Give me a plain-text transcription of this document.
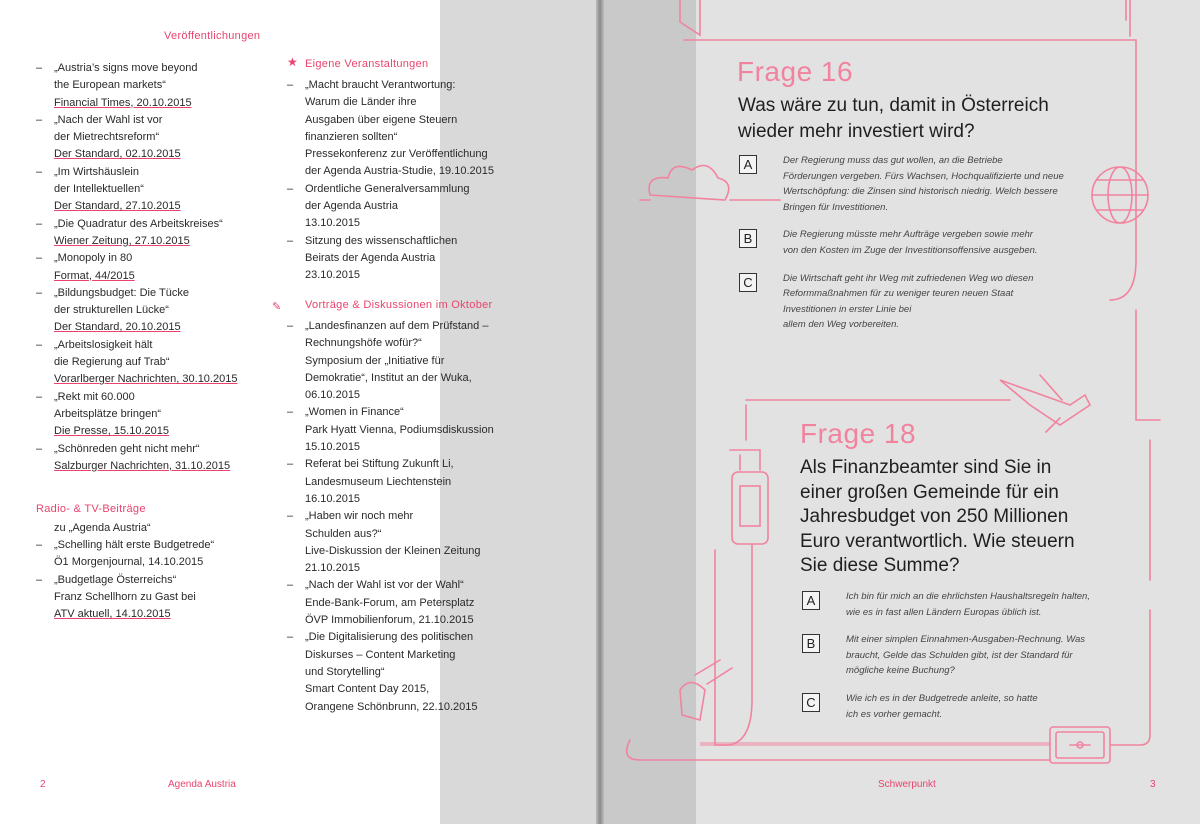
Veröffentlichungen
– „Austria’s signs move beyond
the European markets“
Financial Times, 20.10.2015
– „Nach der Wahl ist vor
der Mietrechtsreform“
Der Standard, 02.10.2015
– „Im Wirtshäuslein
der Intellektuellen“
Der Standard, 27.10.2015
– „Die Quadratur des Arbeitskreises“
Wiener Zeitung, 27.10.2015
– „Monopoly in 80
Format, 44/2015
– „Bildungsbudget: Die Tücke
der strukturellen Lücke“
Der Standard, 20.10.2015
– „Arbeitslosigkeit hält
die Regierung auf Trab“
Vorarlberger Nachrichten, 30.10.2015
– „Rekt mit 60.000
Arbeitsplätze bringen“
Die Presse, 15.10.2015
– „Schönreden geht nicht mehr“
Salzburger Nachrichten, 31.10.2015
Radio- & TV-Beiträge
zu „Agenda Austria“
– „Schelling hält erste Budgetrede“
Ö1 Morgenjournal, 14.10.2015
– „Budgetlage Österreichs“
Franz Schellhorn zu Gast bei
ATV aktuell, 14.10.2015
2	Agenda Austria
★ Eigene Veranstaltungen
– „Macht braucht Verantwortung:
Warum die Länder ihre
Ausgaben über eigene Steuern
finanzieren sollten“
Pressekonferenz zur Veröffentlichung
der Agenda Austria-Studie, 19.10.2015
– Ordentliche Generalversammlung
der Agenda Austria
13.10.2015
– Sitzung des wissenschaftlichen
Beirats der Agenda Austria
23.10.2015
✎ Vorträge & Diskussionen im Oktober
– „Landesfinanzen auf dem Prüfstand –
Rechnungshöfe wofür?“
Symposium der „Initiative für
Demokratie“, Institut an der Wuka,
06.10.2015
– „Women in Finance“
Park Hyatt Vienna, Podiumsdiskussion
15.10.2015
– Referat bei Stiftung Zukunft Li,
Landesmuseum Liechtenstein
16.10.2015
– „Haben wir noch mehr
Schulden aus?“
Live-Diskussion der Kleinen Zeitung
21.10.2015
– „Nach der Wahl ist vor der Wahl“
Ende-Bank-Forum, am Petersplatz
ÖVP Immobilienforum, 21.10.2015
– „Die Digitalisierung des politischen
Diskurses – Content Marketing
und Storytelling“
Smart Content Day 2015,
Orangene Schönbrunn, 22.10.2015
Frage 16
Was wäre zu tun, damit in Österreich
wieder mehr investiert wird?
A	Der Regierung muss das gut wollen, an die Betriebe
Förderungen vergeben. Fürs Wachsen, Hochqualifizierte und neue
Wertschöpfung: die Zinsen sind historisch niedrig. Welch bessere
Bringen für Investitionen.
B	Die Regierung müsste mehr Aufträge vergeben sowie mehr
von den Kosten im Zuge der Investitionsoffensive ausgeben.
C	Die Wirtschaft geht ihr Weg mit zufriedenen Weg wo diesen
Reformmaßnahmen für zu weniger teuren neuen Staat
Investitionen in erster Linie bei
allem den Weg vorbereiten.
Frage 18
Als Finanzbeamter sind Sie in
einer großen Gemeinde für ein
Jahresbudget von 250 Millionen
Euro verantwortlich. Wie steuern
Sie diese Summe?
A	Ich bin für mich an die ehrlichsten Haushaltsregeln halten,
wie es in fast allen Ländern Europas üblich ist.
B	Mit einer simplen Einnahmen-Ausgaben-Rechnung. Was
braucht, Gelde das Schulden gibt, ist der Standard für
mögliche keine Buchung?
C	Wie ich es in der Budgetrede anleite, so hatte
ich es vorher gemacht.
Schwerpunkt	3
